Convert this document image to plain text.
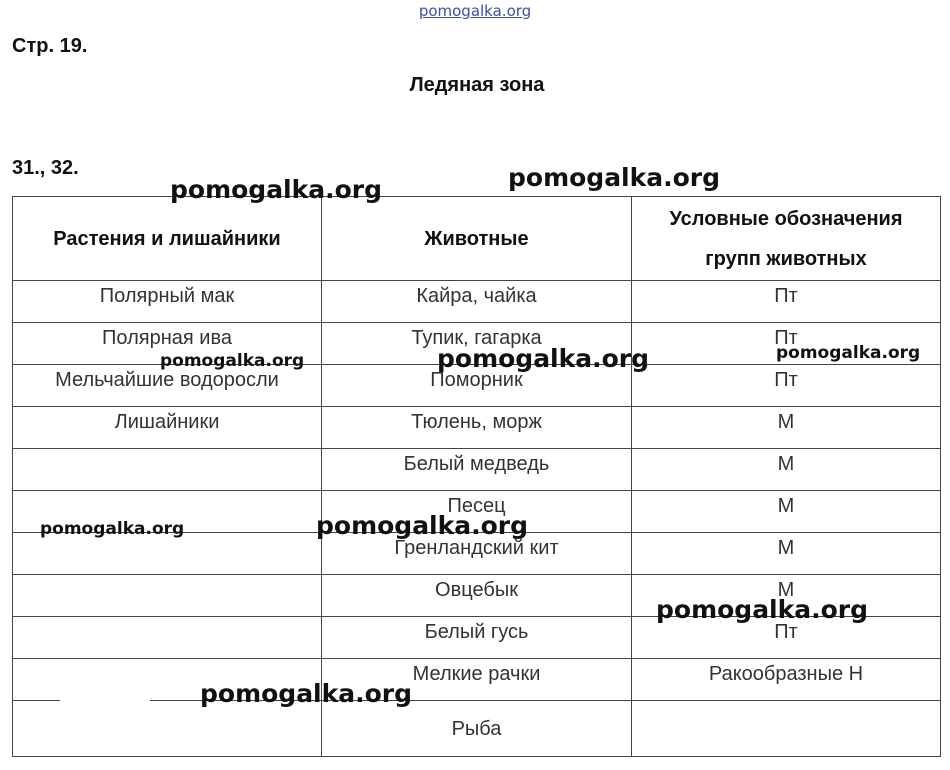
pomogalka.org
Стр. 19.
Ледяная зона
31., 32.
Растения и лишайники	Животные	Условные обозначения
групп животных

Полярный мак	Кайра, чайка	Пт
Полярная ива	Тупик, гагарка	Пт
Мельчайшие водоросли	Поморник	Пт
Лишайники	Тюлень, морж	М
	Белый медведь	М
	Песец	М
	Гренландский кит	М
	Овцебык	М
	Белый гусь	Пт
	Мелкие рачки	Ракообразные Н
	Рыба	
pomogalka.org	pomogalka.org
pomogalka.org	pomogalka.org	pomogalka.org
pomogalka.org	pomogalka.org
pomogalka.org
pomogalka.org
